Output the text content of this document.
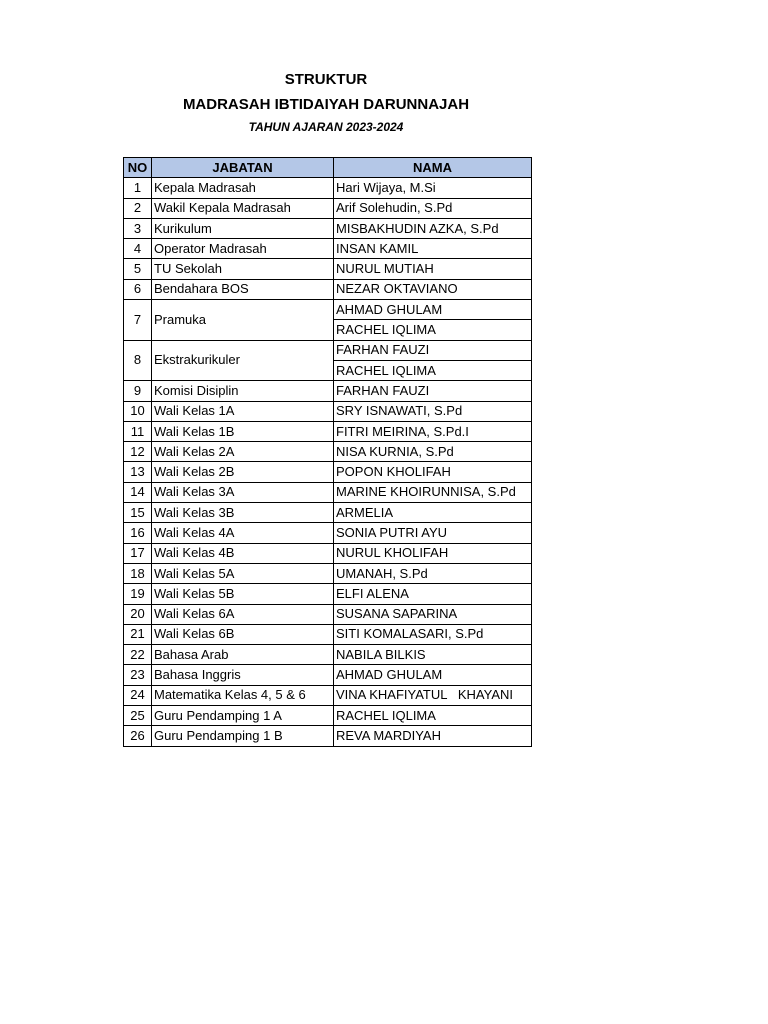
STRUKTUR
MADRASAH IBTIDAIYAH DARUNNAJAH
TAHUN AJARAN 2023-2024
NO	JABATAN	NAMA
1	Kepala Madrasah	Hari Wijaya, M.Si
2	Wakil Kepala Madrasah	Arif Solehudin, S.Pd
3	Kurikulum	MISBAKHUDIN AZKA, S.Pd
4	Operator Madrasah	INSAN KAMIL
5	TU Sekolah	NURUL MUTIAH
6	Bendahara BOS	NEZAR OKTAVIANO
7	Pramuka	AHMAD GHULAM
		RACHEL IQLIMA
8	Ekstrakurikuler	FARHAN FAUZI
		RACHEL IQLIMA
9	Komisi Disiplin	FARHAN FAUZI
10	Wali Kelas 1A	SRY ISNAWATI, S.Pd
11	Wali Kelas 1B	FITRI MEIRINA, S.Pd.I
12	Wali Kelas 2A	NISA KURNIA, S.Pd
13	Wali Kelas 2B	POPON KHOLIFAH
14	Wali Kelas 3A	MARINE KHOIRUNNISA, S.Pd
15	Wali Kelas 3B	ARMELIA
16	Wali Kelas 4A	SONIA PUTRI AYU
17	Wali Kelas 4B	NURUL KHOLIFAH
18	Wali Kelas 5A	UMANAH, S.Pd
19	Wali Kelas 5B	ELFI ALENA
20	Wali Kelas 6A	SUSANA SAPARINA
21	Wali Kelas 6B	SITI KOMALASARI, S.Pd
22	Bahasa Arab	NABILA BILKIS
23	Bahasa Inggris	AHMAD GHULAM
24	Matematika Kelas 4, 5 & 6	VINA KHAFIYATUL   KHAYANI
25	Guru Pendamping 1 A	RACHEL IQLIMA
26	Guru Pendamping 1 B	REVA MARDIYAH
